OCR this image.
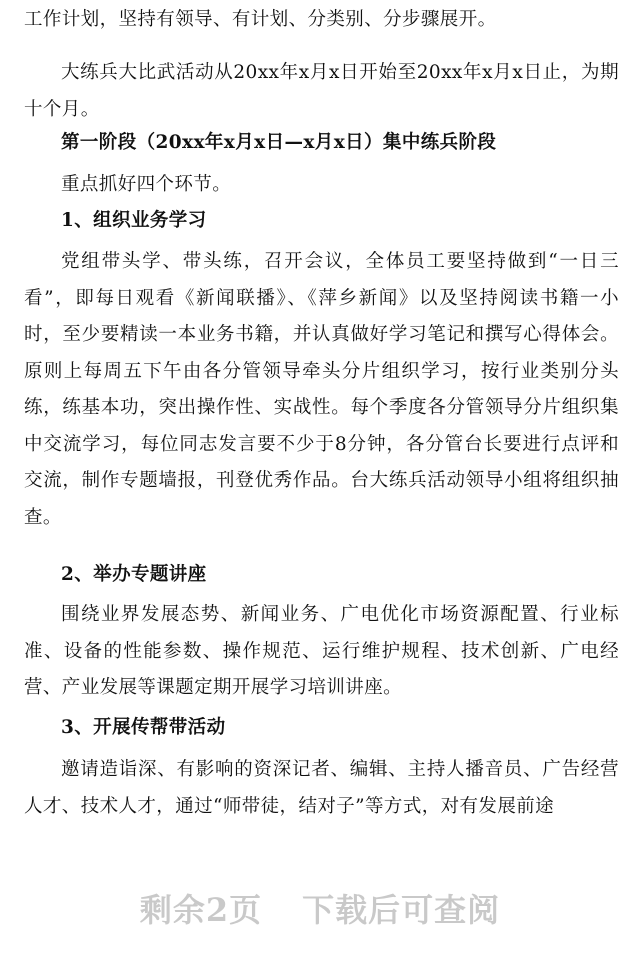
工作计划，坚持有领导、有计划、分类别、分步骤展开。

大练兵大比武活动从20xx年x月x日开始至20xx年x月x日止，为期十个月。

第一阶段（20xx年x月x日—x月x日）集中练兵阶段

重点抓好四个环节。

1、组织业务学习

党组带头学、带头练，召开会议，全体员工要坚持做到“一日三看”，即每日观看《新闻联播》、《萍乡新闻》以及坚持阅读书籍一小时，至少要精读一本业务书籍，并认真做好学习笔记和撰写心得体会。原则上每周五下午由各分管领导牵头分片组织学习，按行业类别分头练，练基本功，突出操作性、实战性。每个季度各分管领导分片组织集中交流学习，每位同志发言要不少于8分钟，各分管台长要进行点评和交流，制作专题墙报，刊登优秀作品。台大练兵活动领导小组将组织抽查。

2、举办专题讲座

围绕业界发展态势、新闻业务、广电优化市场资源配置、行业标准、设备的性能参数、操作规范、运行维护规程、技术创新、广电经营、产业发展等课题定期开展学习培训讲座。

3、开展传帮带活动

邀请造诣深、有影响的资深记者、编辑、主持人播音员、广告经营人才、技术人才，通过“师带徒，结对子”等方式，对有发展前途

剩余2页 下载后可查阅
